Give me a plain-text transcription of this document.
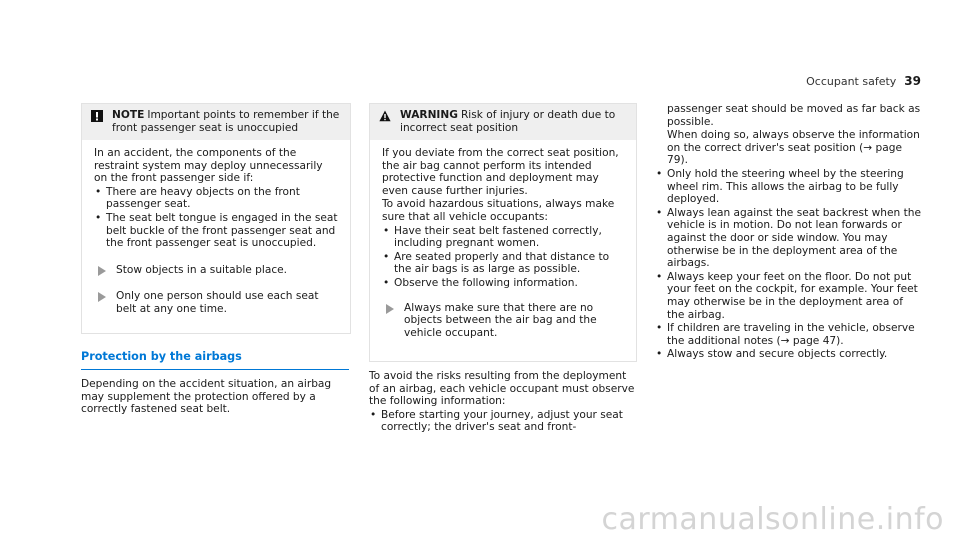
Occupant safety 39
NOTE Important points to remember if the front passenger seat is unoccupied

In an accident, the components of the restraint system may deploy unnecessarily on the front passenger side if:

• There are heavy objects on the front passenger seat.
• The seat belt tongue is engaged in the seat belt buckle of the front passenger seat and the front passenger seat is unoccupied.
Stow objects in a suitable place.
Only one person should use each seat belt at any one time.
Protection by the airbags

Depending on the accident situation, an airbag may supplement the protection offered by a correctly fastened seat belt.

WARNING Risk of injury or death due to incorrect seat position

If you deviate from the correct seat position, the air bag cannot perform its intended protective function and deployment may even cause further injuries.

To avoid hazardous situations, always make sure that all vehicle occupants:

• Have their seat belt fastened correctly, including pregnant women.
• Are seated properly and that distance to the air bags is as large as possible.
• Observe the following information.
Always make sure that there are no objects between the air bag and the vehicle occupant.

To avoid the risks resulting from the deployment of an airbag, each vehicle occupant must observe the following information:

• Before starting your journey, adjust your seat correctly; the driver's seat and front-

passenger seat should be moved as far back as possible.

When doing so, always observe the information on the correct driver's seat position (→ page 79).

• Only hold the steering wheel by the steering wheel rim. This allows the airbag to be fully deployed.
• Always lean against the seat backrest when the vehicle is in motion. Do not lean forwards or against the door or side window. You may otherwise be in the deployment area of the airbags.
• Always keep your feet on the floor. Do not put your feet on the cockpit, for example. Your feet may otherwise be in the deployment area of the airbag.
• If children are traveling in the vehicle, observe the additional notes (→ page 47).
• Always stow and secure objects correctly.
carmanualsonline.info
